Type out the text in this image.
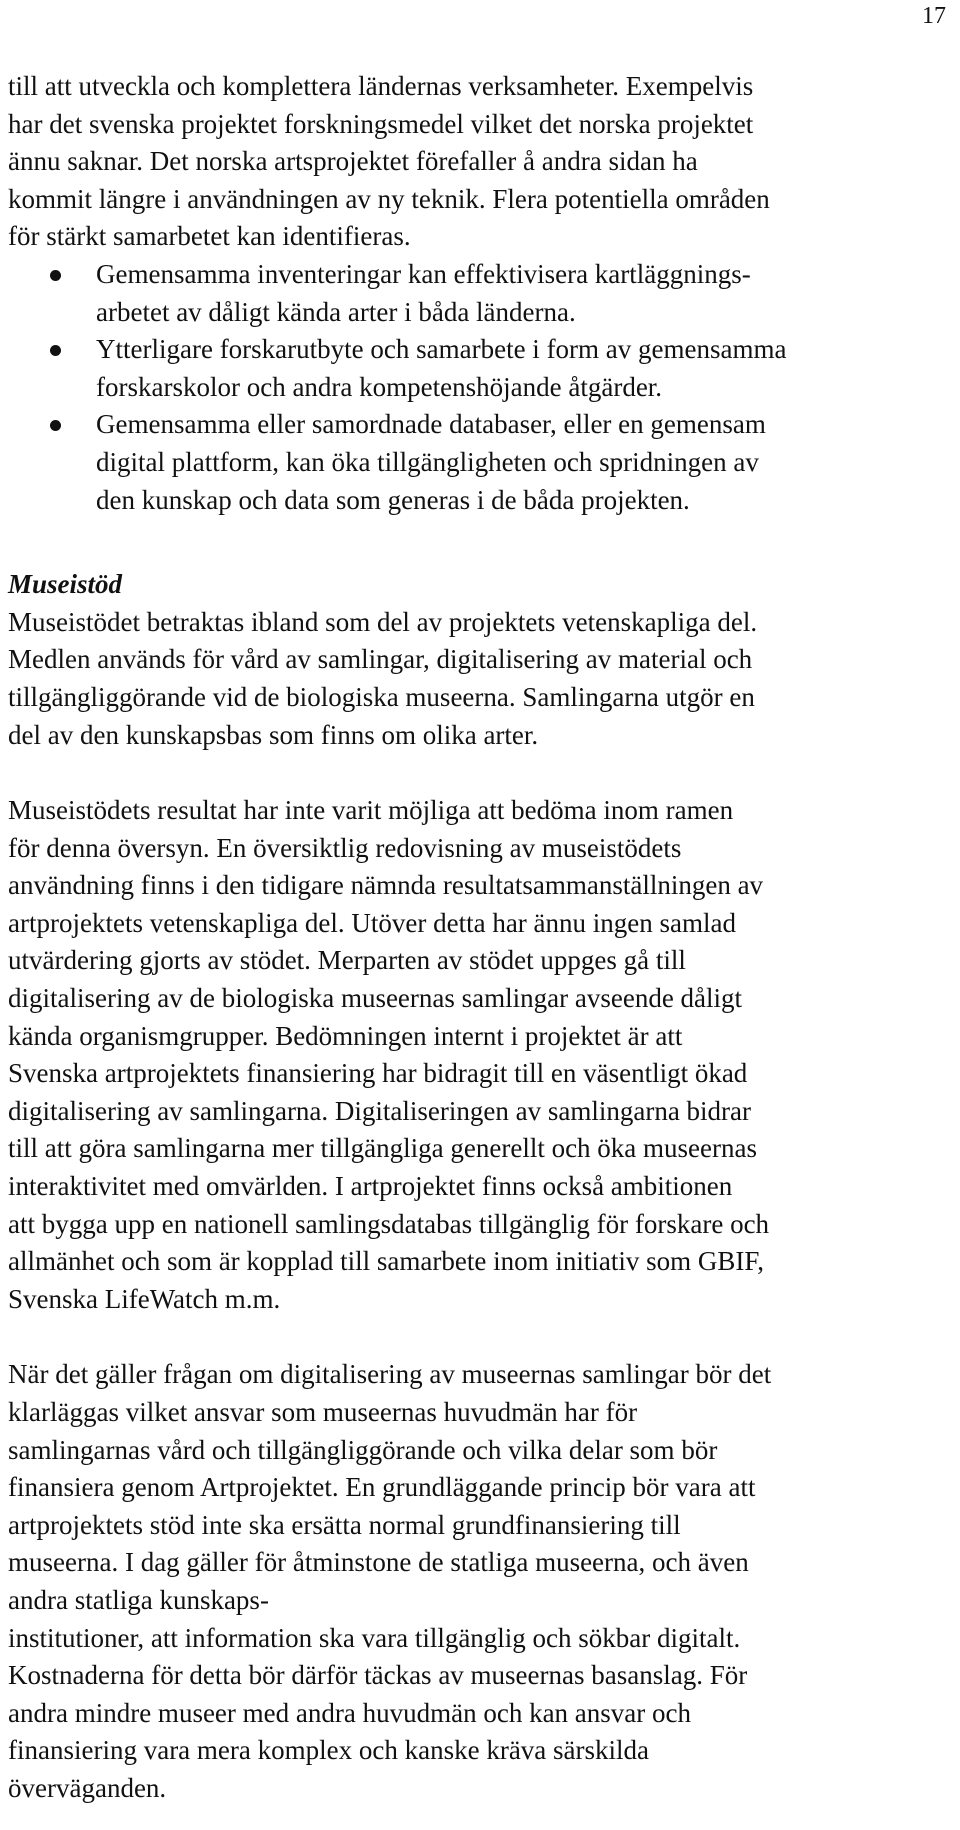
17
till att utveckla och komplettera ländernas verksamheter. Exempelvis
har det svenska projektet forskningsmedel vilket det norska projektet
ännu saknar. Det norska artsprojektet förefaller å andra sidan ha
kommit längre i användningen av ny teknik. Flera potentiella områden
för stärkt samarbetet kan identifieras.
Gemensamma inventeringar kan effektivisera kartläggnings-
arbetet av dåligt kända arter i båda länderna.
Ytterligare forskarutbyte och samarbete i form av gemensamma
forskarskolor och andra kompetenshöjande åtgärder.
Gemensamma eller samordnade databaser, eller en gemensam
digital plattform, kan öka tillgängligheten och spridningen av
den kunskap och data som generas i de båda projekten.
Museistöd
Museistödet betraktas ibland som del av projektets vetenskapliga del.
Medlen används för vård av samlingar, digitalisering av material och
tillgängliggörande vid de biologiska museerna. Samlingarna utgör en
del av den kunskapsbas som finns om olika arter.
Museistödets resultat har inte varit möjliga att bedöma inom ramen
för denna översyn. En översiktlig redovisning av museistödets
användning finns i den tidigare nämnda resultatsammanställningen av
artprojektets vetenskapliga del. Utöver detta har ännu ingen samlad
utvärdering gjorts av stödet. Merparten av stödet uppges gå till
digitalisering av de biologiska museernas samlingar avseende dåligt
kända organismgrupper. Bedömningen internt i projektet är att
Svenska artprojektets finansiering har bidragit till en väsentligt ökad
digitalisering av samlingarna. Digitaliseringen av samlingarna bidrar
till att göra samlingarna mer tillgängliga generellt och öka museernas
interaktivitet med omvärlden. I artprojektet finns också ambitionen
att bygga upp en nationell samlingsdatabas tillgänglig för forskare och
allmänhet och som är kopplad till samarbete inom initiativ som GBIF,
Svenska LifeWatch m.m.
När det gäller frågan om digitalisering av museernas samlingar bör det
klarläggas vilket ansvar som museernas huvudmän har för
samlingarnas vård och tillgängliggörande och vilka delar som bör
finansiera genom Artprojektet. En grundläggande princip bör vara att
artprojektets stöd inte ska ersätta normal grundfinansiering till
museerna. I dag gäller för åtminstone de statliga museerna, och även
andra statliga kunskaps-
institutioner, att information ska vara tillgänglig och sökbar digitalt.
Kostnaderna för detta bör därför täckas av museernas basanslag. För
andra mindre museer med andra huvudmän och kan ansvar och
finansiering vara mera komplex och kanske kräva särskilda
överväganden.
